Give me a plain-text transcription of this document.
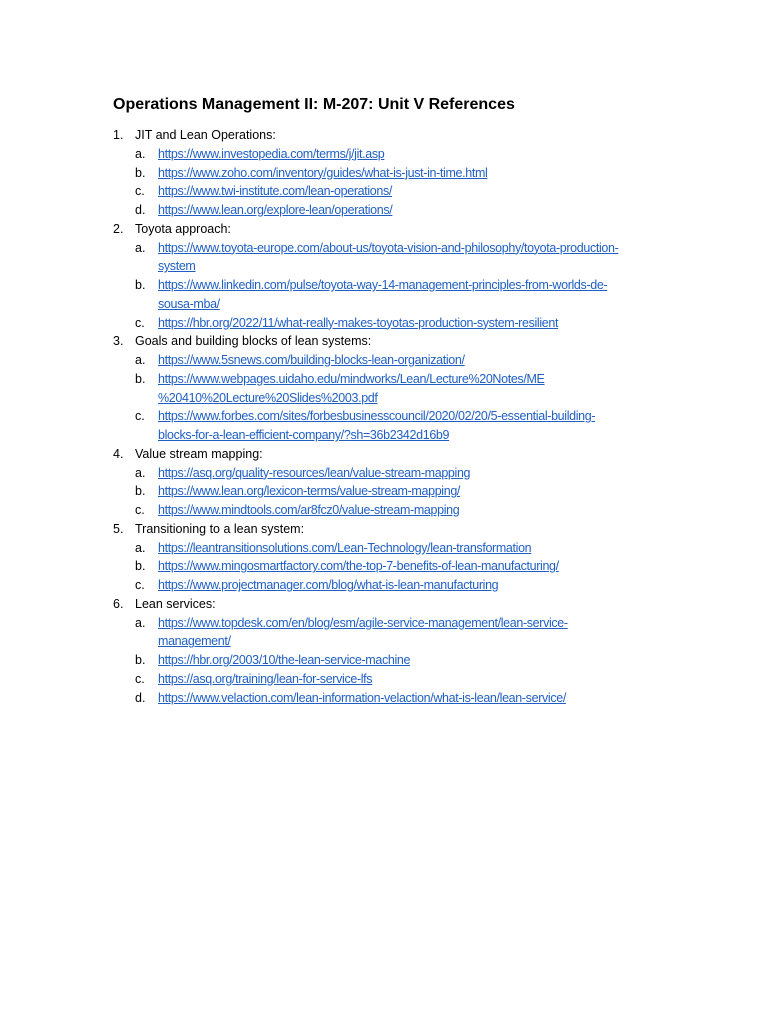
Operations Management II: M-207: Unit V References
1. JIT and Lean Operations:
a.	https://www.investopedia.com/terms/j/jit.asp
b.	https://www.zoho.com/inventory/guides/what-is-just-in-time.html
c.	https://www.twi-institute.com/lean-operations/
d.	https://www.lean.org/explore-lean/operations/
2. Toyota approach:
a.	https://www.toyota-europe.com/about-us/toyota-vision-and-philosophy/toyota-production-
system
b.	https://www.linkedin.com/pulse/toyota-way-14-management-principles-from-worlds-de-
sousa-mba/
c.	https://hbr.org/2022/11/what-really-makes-toyotas-production-system-resilient
3. Goals and building blocks of lean systems:
a.	https://www.5snews.com/building-blocks-lean-organization/
b.	https://www.webpages.uidaho.edu/mindworks/Lean/Lecture%20Notes/ME
%20410%20Lecture%20Slides%2003.pdf
c.	https://www.forbes.com/sites/forbesbusinesscouncil/2020/02/20/5-essential-building-
blocks-for-a-lean-efficient-company/?sh=36b2342d16b9
4. Value stream mapping:
a.	https://asq.org/quality-resources/lean/value-stream-mapping
b.	https://www.lean.org/lexicon-terms/value-stream-mapping/
c.	https://www.mindtools.com/ar8fcz0/value-stream-mapping
5. Transitioning to a lean system:
a.	https://leantransitionsolutions.com/Lean-Technology/lean-transformation
b.	https://www.mingosmartfactory.com/the-top-7-benefits-of-lean-manufacturing/
c.	https://www.projectmanager.com/blog/what-is-lean-manufacturing
6. Lean services:
a.	https://www.topdesk.com/en/blog/esm/agile-service-management/lean-service-
management/
b.	https://hbr.org/2003/10/the-lean-service-machine
c.	https://asq.org/training/lean-for-service-lfs
d.	https://www.velaction.com/lean-information-velaction/what-is-lean/lean-service/
